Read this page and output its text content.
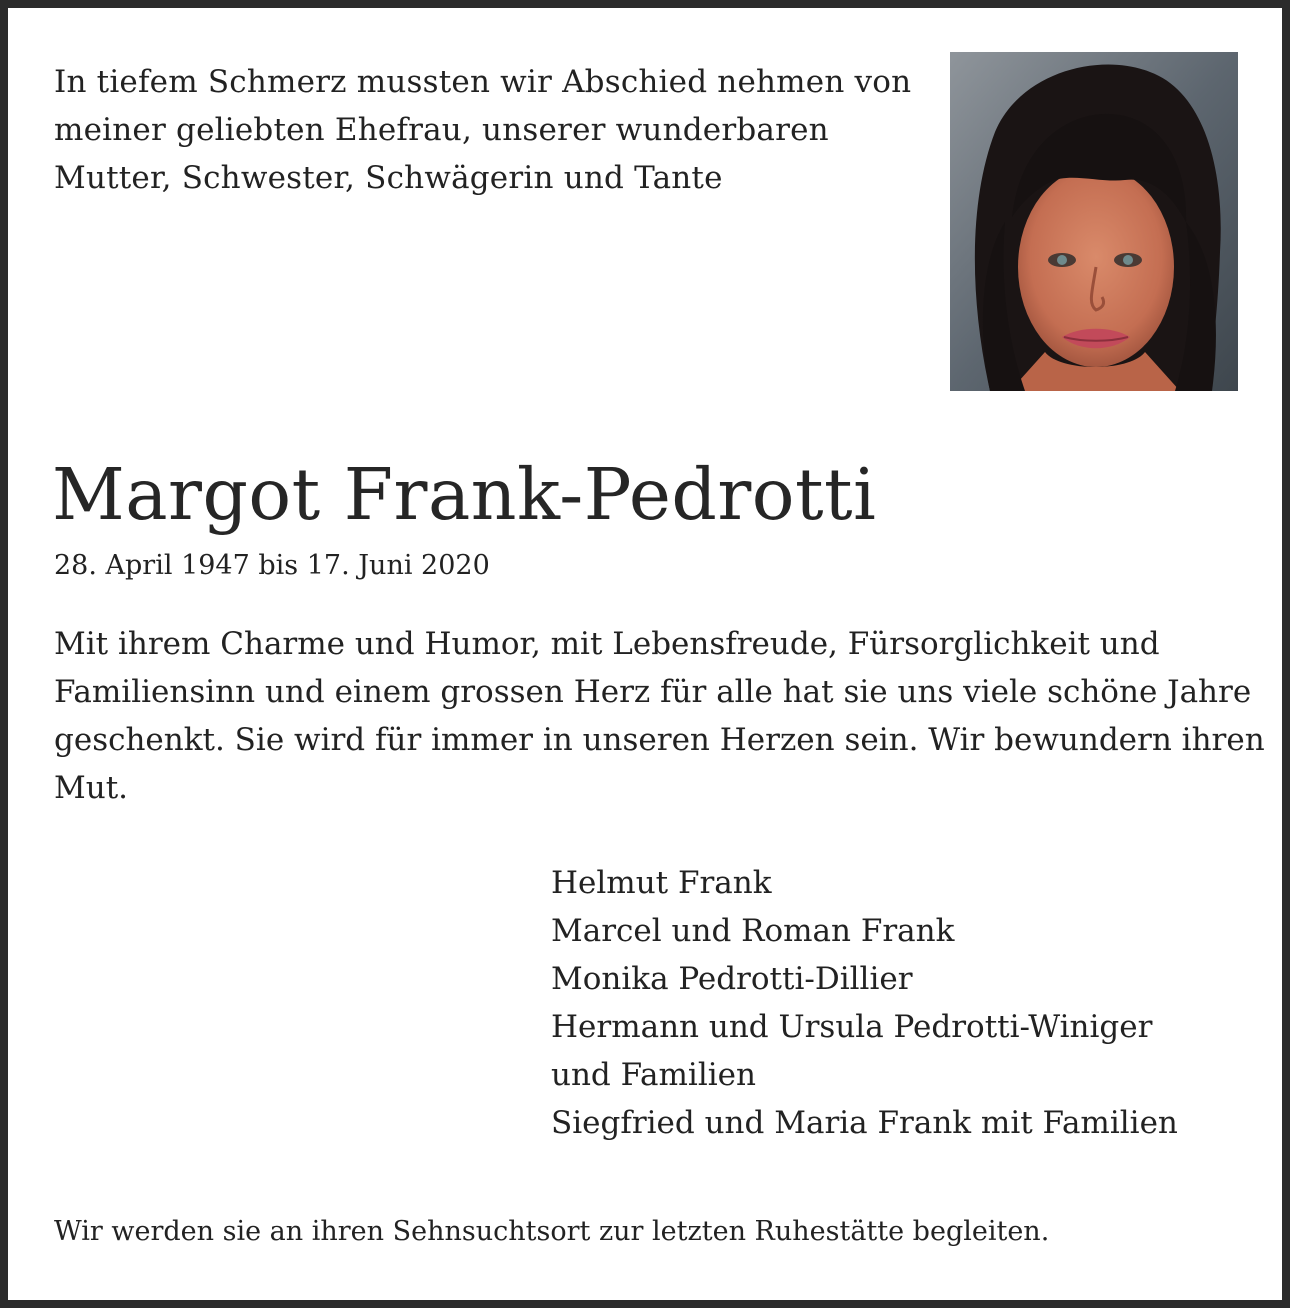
In tiefem Schmerz mussten wir Abschied nehmen von
meiner geliebten Ehefrau, unserer wunderbaren
Mutter, Schwester, Schwägerin und Tante
Margot Frank-Pedrotti
28. April 1947 bis 17. Juni 2020
Mit ihrem Charme und Humor, mit Lebensfreude, Fürsorglichkeit und
Familiensinn und einem grossen Herz für alle hat sie uns viele schöne Jahre
geschenkt. Sie wird für immer in unseren Herzen sein. Wir bewundern ihren
Mut.
Helmut Frank
Marcel und Roman Frank
Monika Pedrotti-Dillier
Hermann und Ursula Pedrotti-Winiger
und Familien
Siegfried und Maria Frank mit Familien
Wir werden sie an ihren Sehnsuchtsort zur letzten Ruhestätte begleiten.
